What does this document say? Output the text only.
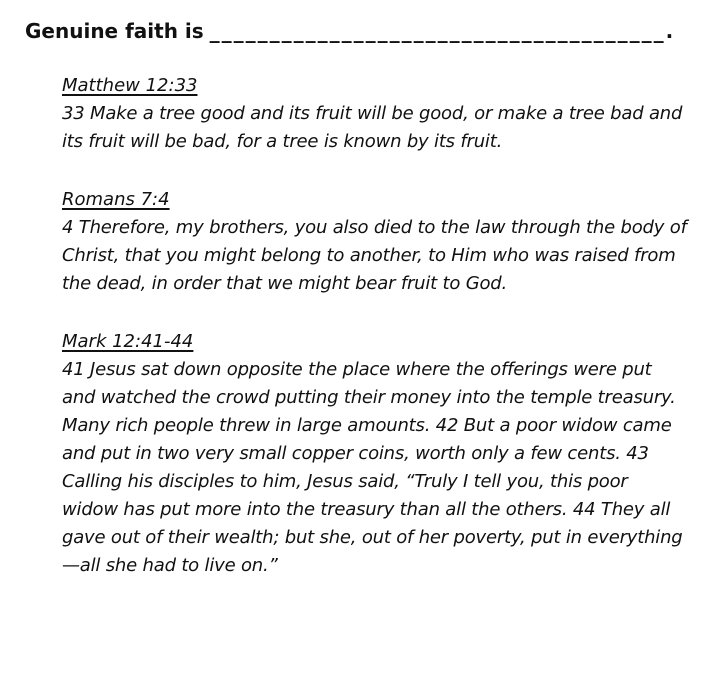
Genuine faith is ______________________________________.

Matthew 12:33

33 Make a tree good and its fruit will be good, or make a tree bad and its fruit will be bad, for a tree is known by its fruit.

Romans 7:4

4 Therefore, my brothers, you also died to the law through the body of Christ, that you might belong to another, to Him who was raised from the dead, in order that we might bear fruit to God.

Mark 12:41-44

41 Jesus sat down opposite the place where the offerings were put and watched the crowd putting their money into the temple treasury. Many rich people threw in large amounts. 42 But a poor widow came and put in two very small copper coins, worth only a few cents. 43 Calling his disciples to him, Jesus said, “Truly I tell you, this poor widow has put more into the treasury than all the others. 44 They all gave out of their wealth; but she, out of her poverty, put in everything—all she had to live on.”
